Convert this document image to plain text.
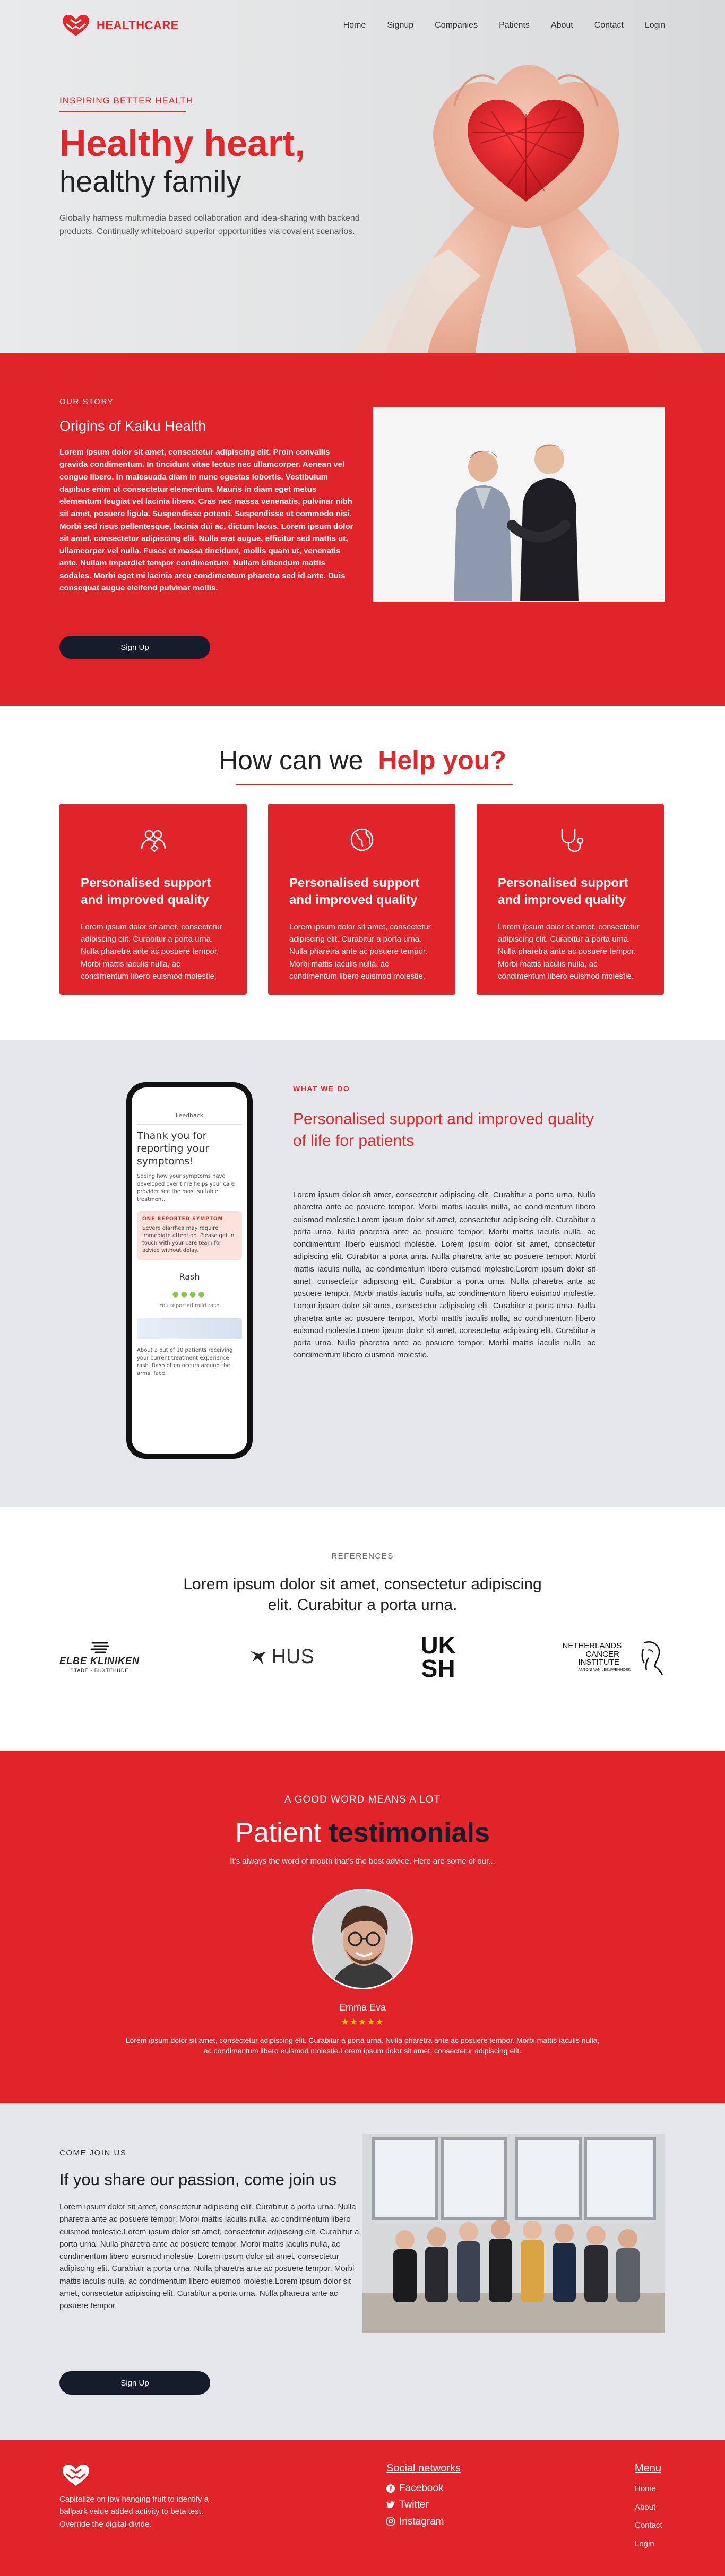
HEALTHCARE	Home	Signup	Companies	Patients	About	Contact	Login
INSPIRING BETTER HEALTH
Healthy heart,
healthy family

Globally harness multimedia based collaboration and idea-sharing with backend products. Continually whiteboard superior opportunities via covalent scenarios.

OUR STORY
Origins of Kaiku Health

Lorem ipsum dolor sit amet, consectetur adipiscing elit. Proin convallis gravida condimentum. In tincidunt vitae lectus nec ullamcorper. Aenean vel congue libero. In malesuada diam in nunc egestas lobortis. Vestibulum dapibus enim ut consectetur elementum. Mauris in diam eget metus elementum feugiat vel lacinia libero. Cras nec massa venenatis, pulvinar nibh sit amet, posuere ligula. Suspendisse potenti. Suspendisse ut commodo nisi. Morbi sed risus pellentesque, lacinia dui ac, dictum lacus. Lorem ipsum dolor sit amet, consectetur adipiscing elit. Nulla erat augue, efficitur sed mattis ut, ullamcorper vel nulla. Fusce et massa tincidunt, mollis quam ut, venenatis ante. Nullam imperdiet tempor condimentum. Nullam bibendum mattis sodales. Morbi eget mi lacinia arcu condimentum pharetra sed id ante. Duis consequat augue eleifend pulvinar mollis.

Sign Up
How can we Help you?
Personalised support and improved quality

Lorem ipsum dolor sit amet, consectetur adipiscing elit. Curabitur a porta urna. Nulla pharetra ante ac posuere tempor. Morbi mattis iaculis nulla, ac condimentum libero euismod molestie.

Personalised support and improved quality

Lorem ipsum dolor sit amet, consectetur adipiscing elit. Curabitur a porta urna. Nulla pharetra ante ac posuere tempor. Morbi mattis iaculis nulla, ac condimentum libero euismod molestie.

Personalised support and improved quality

Lorem ipsum dolor sit amet, consectetur adipiscing elit. Curabitur a porta urna. Nulla pharetra ante ac posuere tempor. Morbi mattis iaculis nulla, ac condimentum libero euismod molestie.

Feedback
Thank you for reporting your symptoms!
Seeing how your symptoms have developed over time helps your care provider see the most suitable treatment.
ONE REPORTED SYMPTOM
Severe diarrhea may require immediate attention. Please get in touch with your care team for advice without delay.
Rash
●●●●
You reported mild rash
About 3 out of 10 patients receiving your current treatment experience rash. Rash often occurs around the arms, face.
WHAT WE DO
Personalised support and improved quality of life for patients

Lorem ipsum dolor sit amet, consectetur adipiscing elit. Curabitur a porta urna. Nulla pharetra ante ac posuere tempor. Morbi mattis iaculis nulla, ac condimentum libero euismod molestie.Lorem ipsum dolor sit amet, consectetur adipiscing elit. Curabitur a porta urna. Nulla pharetra ante ac posuere tempor. Morbi mattis iaculis nulla, ac condimentum libero euismod molestie. Lorem ipsum dolor sit amet, consectetur adipiscing elit. Curabitur a porta urna. Nulla pharetra ante ac posuere tempor. Morbi mattis iaculis nulla, ac condimentum libero euismod molestie.Lorem ipsum dolor sit amet, consectetur adipiscing elit. Curabitur a porta urna. Nulla pharetra ante ac posuere tempor. Morbi mattis iaculis nulla, ac condimentum libero euismod molestie. Lorem ipsum dolor sit amet, consectetur adipiscing elit. Curabitur a porta urna. Nulla pharetra ante ac posuere tempor. Morbi mattis iaculis nulla, ac condimentum libero euismod molestie.Lorem ipsum dolor sit amet, consectetur adipiscing elit. Curabitur a porta urna. Nulla pharetra ante ac posuere tempor. Morbi mattis iaculis nulla, ac condimentum libero euismod molestie.

REFERENCES
Lorem ipsum dolor sit amet, consectetur adipiscing elit. Curabitur a porta urna.
ELBE KLINIKEN
STADE - BUXTEHUDE
HUS	UK
SH
NETHERLANDS
CANCER
INSTITUTE
ANTONI VAN LEEUWENHOEK
A GOOD WORD MEANS A LOT
Patient testimonials
It's always the word of mouth that's the best advice. Here are some of our...
Emma Eva
★★★★★

Lorem ipsum dolor sit amet, consectetur adipiscing elit. Curabitur a porta urna. Nulla pharetra ante ac posuere tempor. Morbi mattis iaculis nulla, ac condimentum libero euismod molestie.Lorem ipsum dolor sit amet, consectetur adipiscing elit.

COME JOIN US
If you share our passion, come join us

Lorem ipsum dolor sit amet, consectetur adipiscing elit. Curabitur a porta urna. Nulla pharetra ante ac posuere tempor. Morbi mattis iaculis nulla, ac condimentum libero euismod molestie.Lorem ipsum dolor sit amet, consectetur adipiscing elit. Curabitur a porta urna. Nulla pharetra ante ac posuere tempor. Morbi mattis iaculis nulla, ac condimentum libero euismod molestie. Lorem ipsum dolor sit amet, consectetur adipiscing elit. Curabitur a porta urna. Nulla pharetra ante ac posuere tempor. Morbi mattis iaculis nulla, ac condimentum libero euismod molestie.Lorem ipsum dolor sit amet, consectetur adipiscing elit. Curabitur a porta urna. Nulla pharetra ante ac posuere tempor.

Sign Up

Capitalize on low hanging fruit to identify a ballpark value added activity to beta test. Override the digital divide.

Social networks
Facebook
Twitter
Instagram
Menu
Home
About
Contact
Login
